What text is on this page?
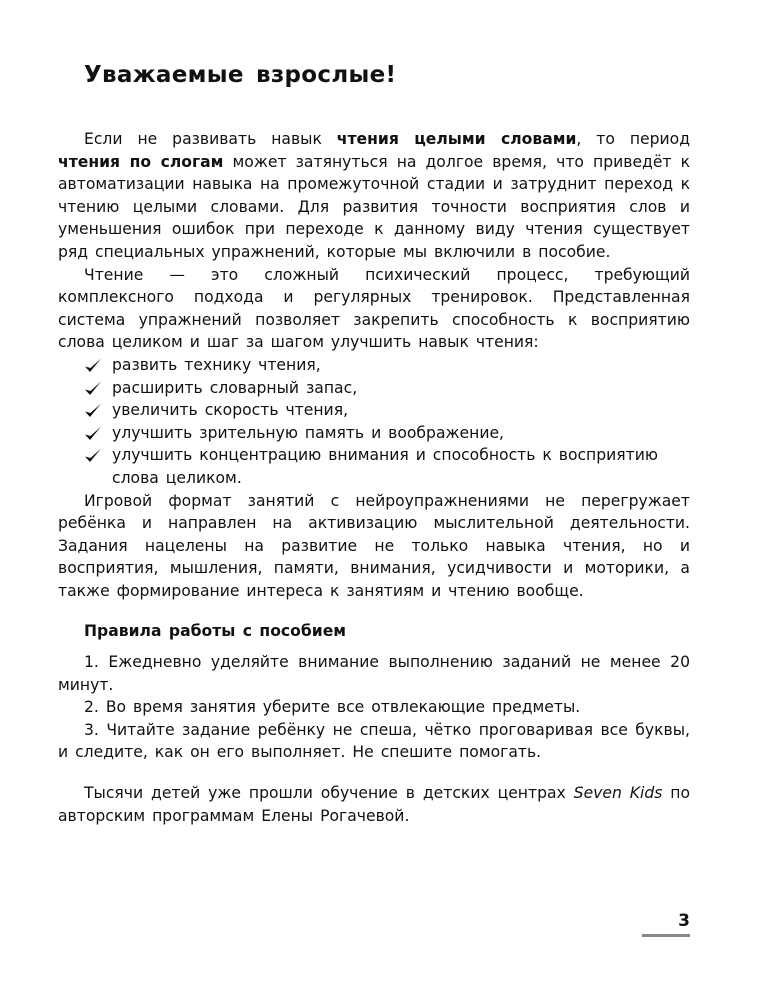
Уважаемые взрослые!

Если не развивать навык чтения целыми словами, то период чтения по слогам может затянуться на долгое время, что приведёт к автоматизации навыка на промежуточной стадии и затруднит переход к чтению целыми словами. Для развития точности восприятия слов и уменьшения ошибок при переходе к данному виду чтения существует ряд специальных упражнений, которые мы включили в пособие.

Чтение — это сложный психический процесс, требующий комплексного подхода и регулярных тренировок. Представленная система упражнений позволяет закрепить способность к восприятию слова целиком и шаг за шагом улучшить навык чтения:

развить технику чтения,
расширить словарный запас,
увеличить скорость чтения,
улучшить зрительную память и воображение,
улучшить концентрацию внимания и способность к восприятию слова целиком.

Игровой формат занятий с нейроупражнениями не перегружает ребёнка и направлен на активизацию мыслительной деятельности. Задания нацелены на развитие не только навыка чтения, но и восприятия, мышления, памяти, внимания, усидчивости и моторики, а также формирование интереса к занятиям и чтению вообще.

Правила работы с пособием
1. Ежедневно уделяйте внимание выполнению заданий не менее 20 минут.
2. Во время занятия уберите все отвлекающие предметы.
3. Читайте задание ребёнку не спеша, чётко проговаривая все буквы, и следите, как он его выполняет. Не спешите помогать.

Тысячи детей уже прошли обучение в детских центрах Seven Kids по авторским программам Елены Рогачевой.

3
